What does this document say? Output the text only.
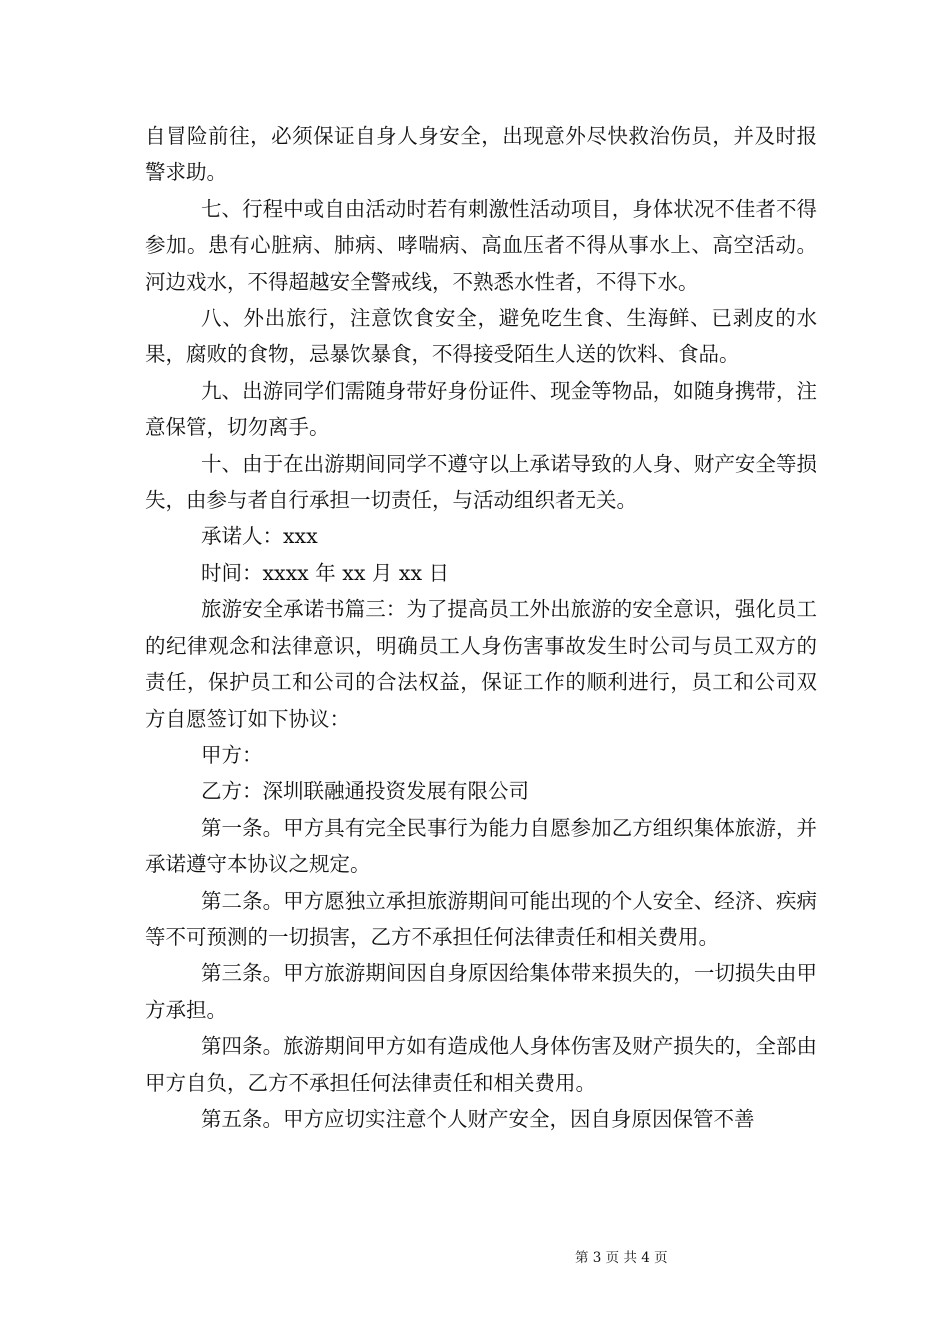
自冒险前往，必须保证自身人身安全，出现意外尽快救治伤员，并及时报警求助。

七、行程中或自由活动时若有刺激性活动项目，身体状况不佳者不得参加。患有心脏病、肺病、哮喘病、高血压者不得从事水上、高空活动。河边戏水，不得超越安全警戒线，不熟悉水性者，不得下水。

八、外出旅行，注意饮食安全，避免吃生食、生海鲜、已剥皮的水果，腐败的食物，忌暴饮暴食，不得接受陌生人送的饮料、食品。

九、出游同学们需随身带好身份证件、现金等物品，如随身携带，注意保管，切勿离手。

十、由于在出游期间同学不遵守以上承诺导致的人身、财产安全等损失，由参与者自行承担一切责任，与活动组织者无关。

承诺人：xxx

时间：xxxx 年 xx 月 xx 日

旅游安全承诺书篇三：为了提高员工外出旅游的安全意识，强化员工的纪律观念和法律意识，明确员工人身伤害事故发生时公司与员工双方的责任，保护员工和公司的合法权益，保证工作的顺利进行，员工和公司双方自愿签订如下协议：

甲方：

乙方：深圳联融通投资发展有限公司

第一条。甲方具有完全民事行为能力自愿参加乙方组织集体旅游，并承诺遵守本协议之规定。

第二条。甲方愿独立承担旅游期间可能出现的个人安全、经济、疾病等不可预测的一切损害，乙方不承担任何法律责任和相关费用。

第三条。甲方旅游期间因自身原因给集体带来损失的，一切损失由甲方承担。

第四条。旅游期间甲方如有造成他人身体伤害及财产损失的，全部由甲方自负，乙方不承担任何法律责任和相关费用。

第五条。甲方应切实注意个人财产安全，因自身原因保管不善

第 3 页 共 4 页
